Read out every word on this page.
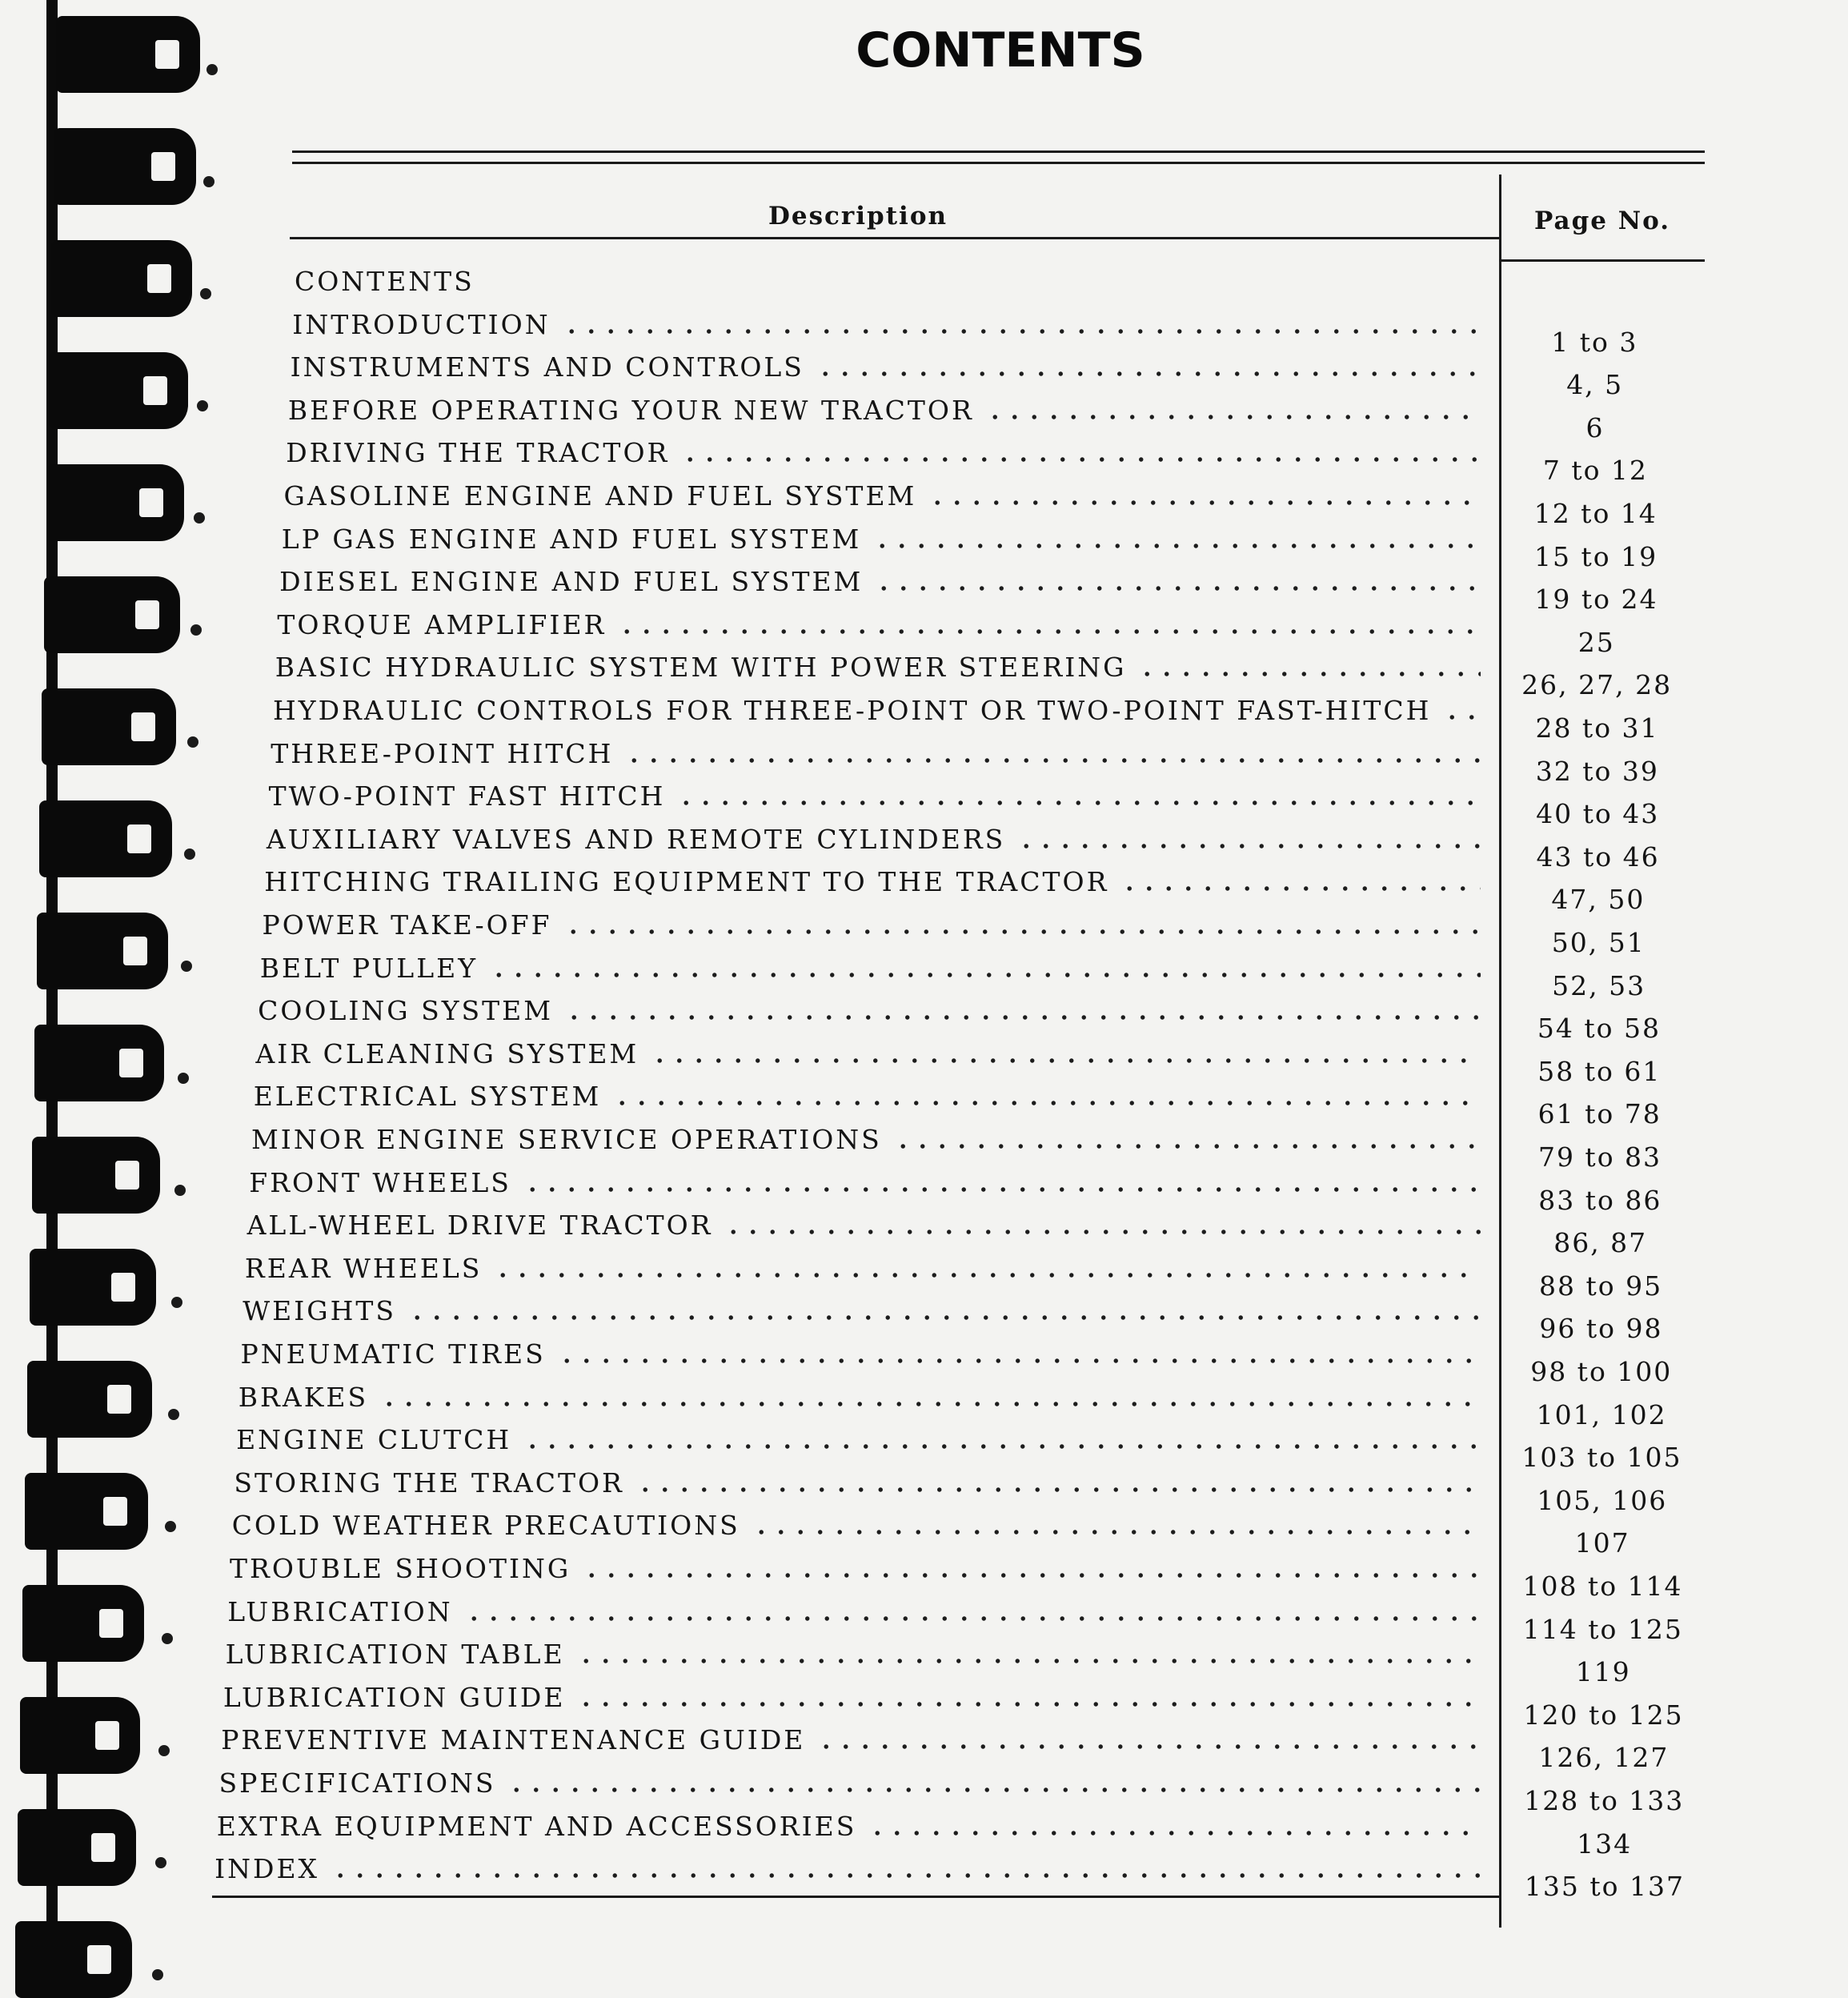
CONTENTS
Description	Page No.
CONTENTS
INTRODUCTION
1 to 3
INSTRUMENTS AND CONTROLS
4, 5
BEFORE OPERATING YOUR NEW TRACTOR
6
DRIVING THE TRACTOR
7 to 12
GASOLINE ENGINE AND FUEL SYSTEM
12 to 14
LP GAS ENGINE AND FUEL SYSTEM
15 to 19
DIESEL ENGINE AND FUEL SYSTEM
19 to 24
TORQUE AMPLIFIER
25
BASIC HYDRAULIC SYSTEM WITH POWER STEERING
26, 27, 28
HYDRAULIC CONTROLS FOR THREE-POINT OR TWO-POINT FAST-HITCH
28 to 31
THREE-POINT HITCH
32 to 39
TWO-POINT FAST HITCH
40 to 43
AUXILIARY VALVES AND REMOTE CYLINDERS
43 to 46
HITCHING TRAILING EQUIPMENT TO THE TRACTOR
47, 50
POWER TAKE-OFF
50, 51
BELT PULLEY
52, 53
COOLING SYSTEM
54 to 58
AIR CLEANING SYSTEM
58 to 61
ELECTRICAL SYSTEM
61 to 78
MINOR ENGINE SERVICE OPERATIONS
79 to 83
FRONT WHEELS
83 to 86
ALL-WHEEL DRIVE TRACTOR
86, 87
REAR WHEELS
88 to 95
WEIGHTS
96 to 98
PNEUMATIC TIRES
98 to 100
BRAKES
101, 102
ENGINE CLUTCH
103 to 105
STORING THE TRACTOR
105, 106
COLD WEATHER PRECAUTIONS
107
TROUBLE SHOOTING
108 to 114
LUBRICATION
114 to 125
LUBRICATION TABLE
119
LUBRICATION GUIDE
120 to 125
PREVENTIVE MAINTENANCE GUIDE
126, 127
SPECIFICATIONS
128 to 133
EXTRA EQUIPMENT AND ACCESSORIES
134
INDEX
135 to 137
